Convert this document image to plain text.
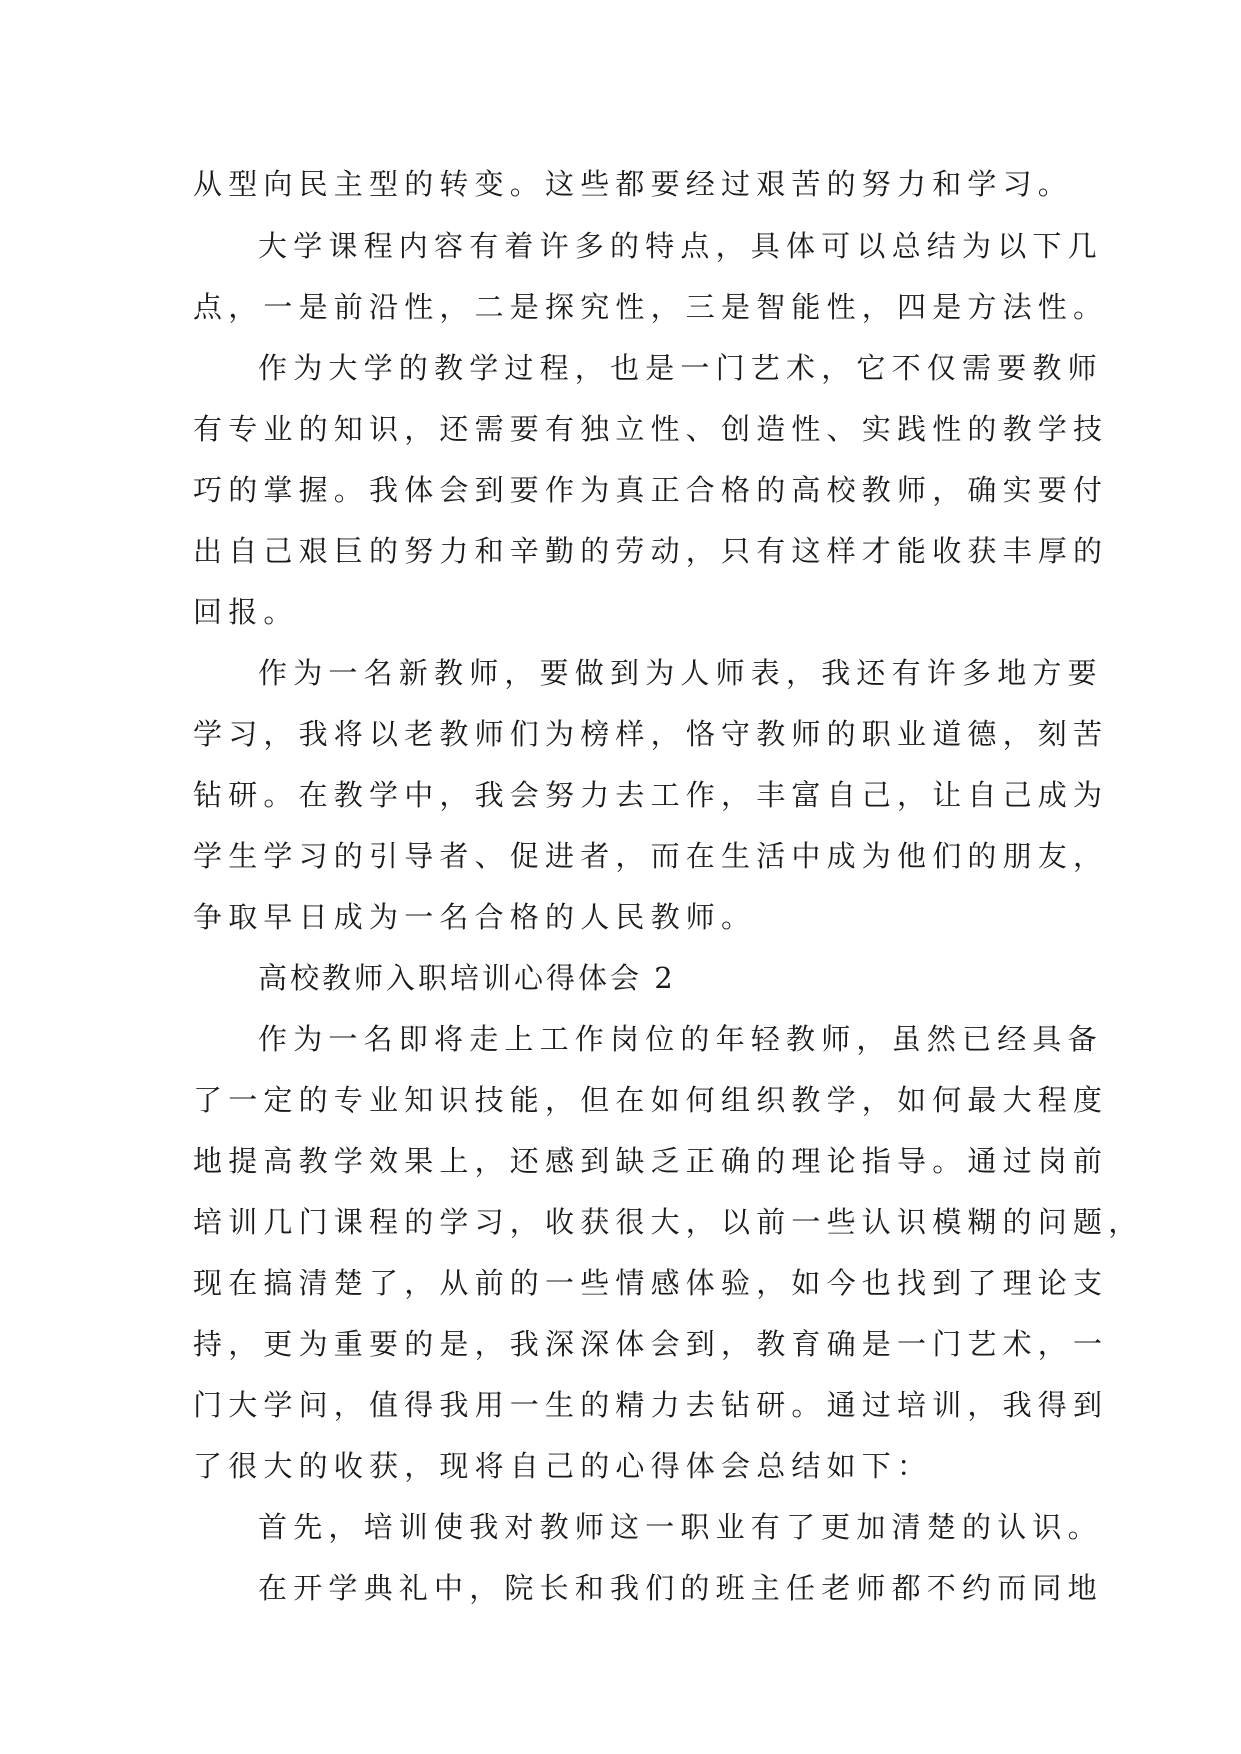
从型向民主型的转变。这些都要经过艰苦的努力和学习。
大学课程内容有着许多的特点，具体可以总结为以下几
点，一是前沿性，二是探究性，三是智能性，四是方法性。
作为大学的教学过程，也是一门艺术，它不仅需要教师
有专业的知识，还需要有独立性、创造性、实践性的教学技
巧的掌握。我体会到要作为真正合格的高校教师，确实要付
出自己艰巨的努力和辛勤的劳动，只有这样才能收获丰厚的
回报。
作为一名新教师，要做到为人师表，我还有许多地方要
学习，我将以老教师们为榜样，恪守教师的职业道德，刻苦
钻研。在教学中，我会努力去工作，丰富自己，让自己成为
学生学习的引导者、促进者，而在生活中成为他们的朋友，
争取早日成为一名合格的人民教师。
高校教师入职培训心得体会 2
作为一名即将走上工作岗位的年轻教师，虽然已经具备
了一定的专业知识技能，但在如何组织教学，如何最大程度
地提高教学效果上，还感到缺乏正确的理论指导。通过岗前
培训几门课程的学习，收获很大，以前一些认识模糊的问题，
现在搞清楚了，从前的一些情感体验，如今也找到了理论支
持，更为重要的是，我深深体会到，教育确是一门艺术，一
门大学问，值得我用一生的精力去钻研。通过培训，我得到
了很大的收获，现将自己的心得体会总结如下：
首先，培训使我对教师这一职业有了更加清楚的认识。
在开学典礼中，院长和我们的班主任老师都不约而同地
